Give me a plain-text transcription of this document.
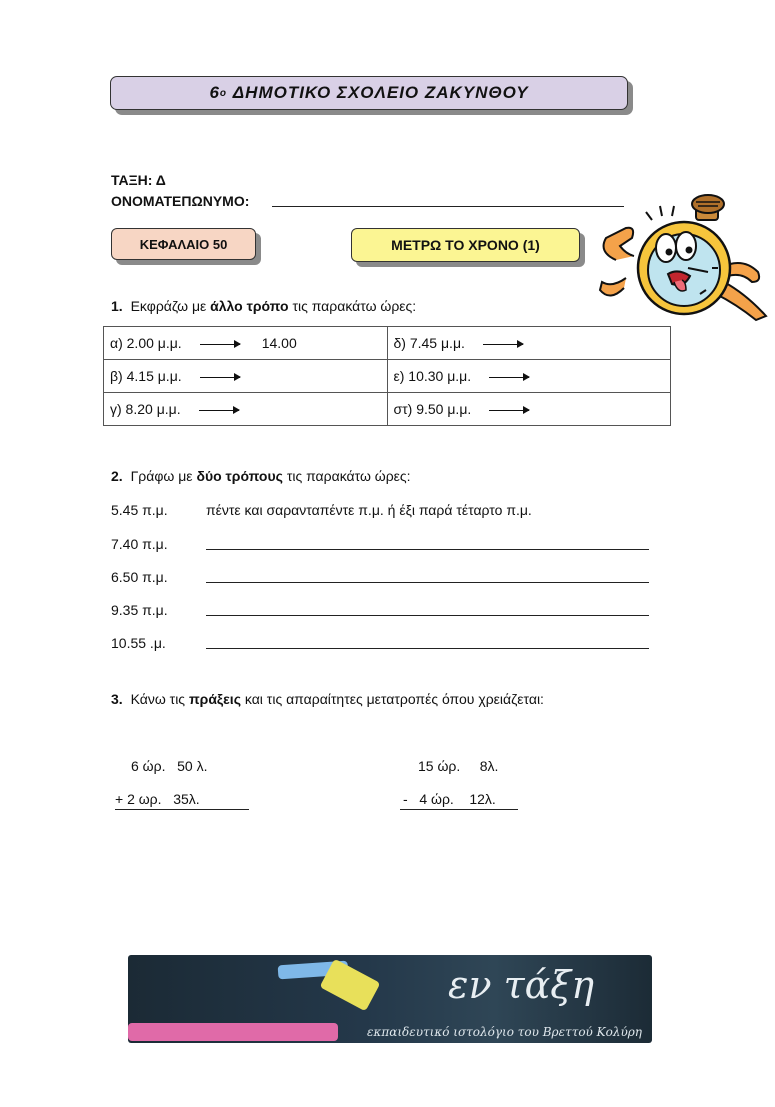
6 ο
ΔΗΜΟΤΙΚΟ ΣΧΟΛΕΙΟ ΖΑΚΥΝΘΟΥ
ΤΑΞΗ: Δ
ΟΝΟΜΑΤΕΠΩΝΥΜΟ:
ΚΕΦΑΛΑΙΟ 50	ΜΕΤΡΩ ΤΟ ΧΡΟΝΟ (1)
1. Εκφράζω με άλλο τρόπο τις παρακάτω ώρες:
α) 2.00 μ.μ. 14.00	δ) 7.45 μ.μ.
β) 4.15 μ.μ.	ε) 10.30 μ.μ.
γ) 8.20 μ.μ.	στ) 9.50 μ.μ.
2. Γράφω με δύο τρόπους τις παρακάτω ώρες:
5.45 π.μ.	πέντε και σαρανταπέντε π.μ. ή έξι παρά τέταρτο π.μ.
7.40 π.μ.
6.50 π.μ.
9.35 π.μ.
10.55 .μ.
3. Κάνω τις πράξεις και τις απαραίτητες μετατροπές όπου χρειάζεται:
6 ώρ.   50 λ.
+ 2 ωρ.   35λ.
15 ώρ.     8λ.
-   4 ώρ.    12λ.
εν τάξη
εκπαιδευτικό ιστολόγιο του Βρεττού Κολύρη
